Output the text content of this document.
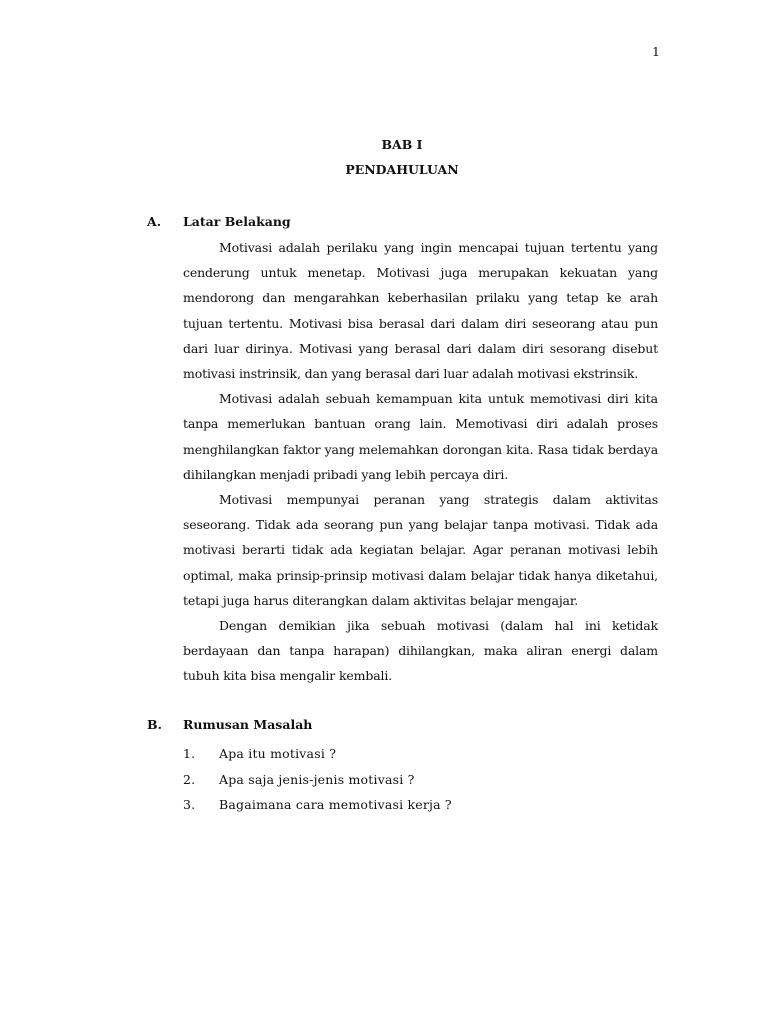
1
BAB I
PENDAHULUAN
A. Latar Belakang

Motivasi adalah perilaku yang ingin mencapai tujuan tertentu yang cenderung untuk menetap. Motivasi juga merupakan kekuatan yang mendorong dan mengarahkan keberhasilan prilaku yang tetap ke arah tujuan tertentu. Motivasi bisa berasal dari dalam diri seseorang atau pun dari luar dirinya. Motivasi yang berasal dari dalam diri sesorang disebut motivasi instrinsik, dan yang berasal dari luar adalah motivasi ekstrinsik.

Motivasi adalah sebuah kemampuan kita untuk memotivasi diri kita tanpa memerlukan bantuan orang lain. Memotivasi diri adalah proses menghilangkan faktor yang melemahkan dorongan kita. Rasa tidak berdaya dihilangkan menjadi pribadi yang lebih percaya diri.

Motivasi mempunyai peranan yang strategis dalam aktivitas seseorang. Tidak ada seorang pun yang belajar tanpa motivasi. Tidak ada motivasi berarti tidak ada kegiatan belajar. Agar peranan motivasi lebih optimal, maka prinsip-prinsip motivasi dalam belajar tidak hanya diketahui, tetapi juga harus diterangkan dalam aktivitas belajar mengajar.

Dengan demikian jika sebuah motivasi (dalam hal ini ketidak berdayaan dan tanpa harapan) dihilangkan, maka aliran energi dalam tubuh kita bisa mengalir kembali.

B. Rumusan Masalah
1. Apa itu motivasi ?
2. Apa saja jenis-jenis motivasi ?
3. Bagaimana cara memotivasi kerja ?
